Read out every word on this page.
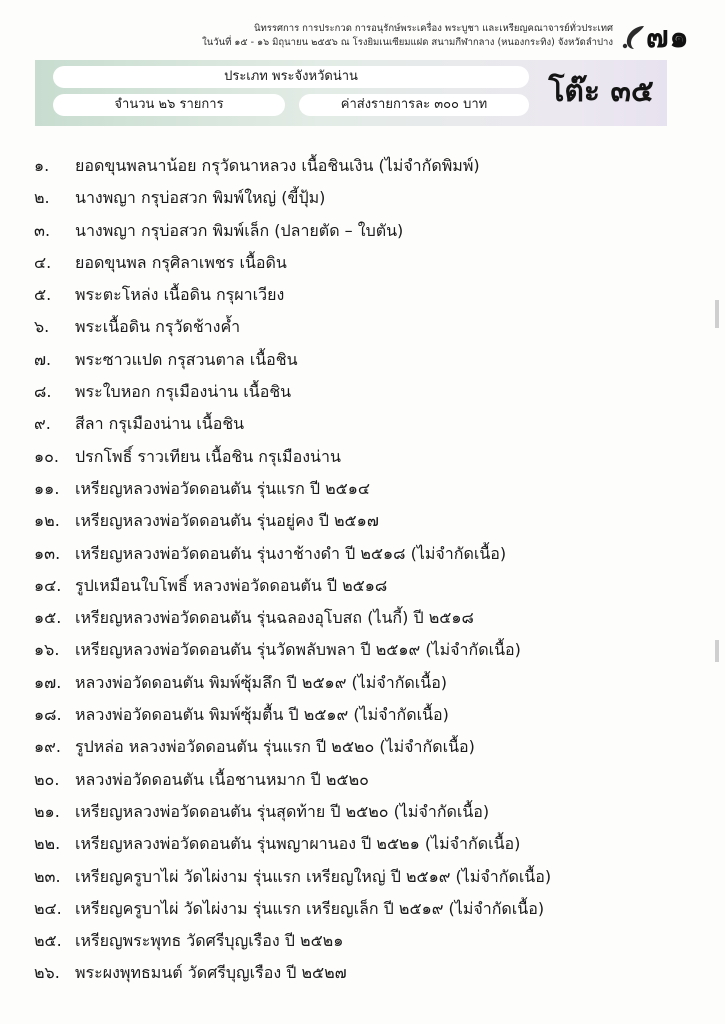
นิทรรศการ การประกวด การอนุรักษ์พระเครื่อง พระบูชา และเหรียญคณาจารย์ทั่วประเทศ
ในวันที่ ๑๕ - ๑๖ มิถุนายน ๒๕๕๖ ณ โรงยิมเนเซียมแฝด สนามกีฬากลาง (หนองกระทิง) จังหวัดลำปาง ๗๑
ประเภท พระจังหวัดน่าน
จำนวน ๒๖ รายการ	ค่าส่งรายการละ ๓๐๐ บาท	โต๊ะ ๓๕
๑.	ยอดขุนพลนาน้อย กรุวัดนาหลวง เนื้อชินเงิน (ไม่จำกัดพิมพ์)
๒.	นางพญา กรุบ่อสวก พิมพ์ใหญ่ (ขี้ปุ้ม)
๓.	นางพญา กรุบ่อสวก พิมพ์เล็ก (ปลายตัด – ใบตัน)
๔.	ยอดขุนพล กรุศิลาเพชร เนื้อดิน
๕.	พระตะโหล่ง เนื้อดิน กรุผาเวียง
๖.	พระเนื้อดิน กรุวัดช้างค้ำ
๗.	พระซาวแปด กรุสวนตาล เนื้อชิน
๘.	พระใบหอก กรุเมืองน่าน เนื้อชิน
๙.	สีลา กรุเมืองน่าน เนื้อชิน
๑๐. ปรกโพธิ์ ราวเทียน เนื้อชิน กรุเมืองน่าน
๑๑. เหรียญหลวงพ่อวัดดอนตัน รุ่นแรก ปี ๒๕๑๔
๑๒. เหรียญหลวงพ่อวัดดอนตัน รุ่นอยู่คง ปี ๒๕๑๗
๑๓. เหรียญหลวงพ่อวัดดอนตัน รุ่นงาช้างดำ ปี ๒๕๑๘ (ไม่จำกัดเนื้อ)
๑๔. รูปเหมือนใบโพธิ์ หลวงพ่อวัดดอนตัน ปี ๒๕๑๘
๑๕. เหรียญหลวงพ่อวัดดอนตัน รุ่นฉลองอุโบสถ (ไนกี้) ปี ๒๕๑๘
๑๖. เหรียญหลวงพ่อวัดดอนตัน รุ่นวัดพลับพลา ปี ๒๕๑๙ (ไม่จำกัดเนื้อ)
๑๗. หลวงพ่อวัดดอนตัน พิมพ์ซุ้มลึก ปี ๒๕๑๙ (ไม่จำกัดเนื้อ)
๑๘. หลวงพ่อวัดดอนตัน พิมพ์ซุ้มตื้น ปี ๒๕๑๙ (ไม่จำกัดเนื้อ)
๑๙. รูปหล่อ หลวงพ่อวัดดอนตัน รุ่นแรก ปี ๒๕๒๐ (ไม่จำกัดเนื้อ)
๒๐. หลวงพ่อวัดดอนตัน เนื้อชานหมาก ปี ๒๕๒๐
๒๑. เหรียญหลวงพ่อวัดดอนตัน รุ่นสุดท้าย ปี ๒๕๒๐ (ไม่จำกัดเนื้อ)
๒๒. เหรียญหลวงพ่อวัดดอนตัน รุ่นพญาผานอง ปี ๒๕๒๑ (ไม่จำกัดเนื้อ)
๒๓. เหรียญครูบาไผ่ วัดไผ่งาม รุ่นแรก เหรียญใหญ่ ปี ๒๕๑๙ (ไม่จำกัดเนื้อ)
๒๔. เหรียญครูบาไผ่ วัดไผ่งาม รุ่นแรก เหรียญเล็ก ปี ๒๕๑๙ (ไม่จำกัดเนื้อ)
๒๕. เหรียญพระพุทธ วัดศรีบุญเรือง ปี ๒๕๒๑
๒๖. พระผงพุทธมนต์ วัดศรีบุญเรือง ปี ๒๕๒๗
